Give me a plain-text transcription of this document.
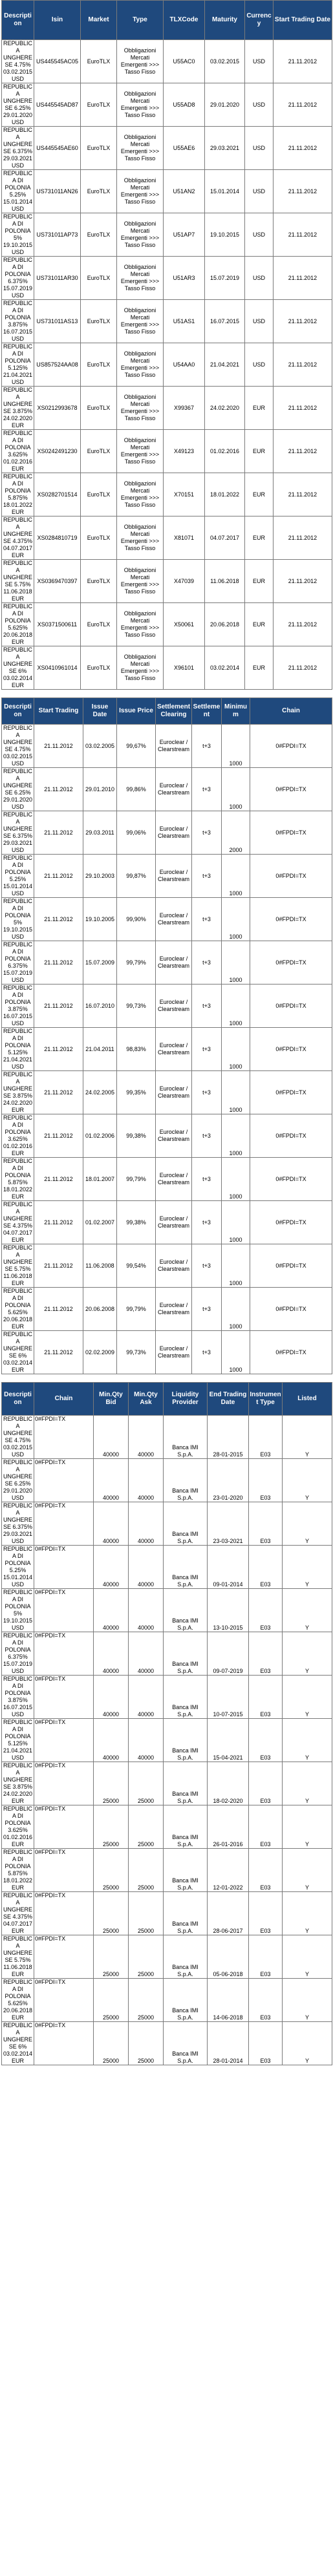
Description	Isin	Market	Type	TLXCode	Maturity	Currency	Start Trading Date
REPUBLIC A UNGHERESE 4.75% 03.02.2015 USD	US445545AC05	EuroTLX	Obbligazioni Mercati Emergenti >>> Tasso Fisso	U55AC0	03.02.2015	USD	21.11.2012
REPUBLIC A UNGHERESE 6.25% 29.01.2020 USD	US445545AD87	EuroTLX	Obbligazioni Mercati Emergenti >>> Tasso Fisso	U55AD8	29.01.2020	USD	21.11.2012
REPUBLIC A UNGHERESE 6.375% 29.03.2021 USD	US445545AE60	EuroTLX	Obbligazioni Mercati Emergenti >>> Tasso Fisso	U55AE6	29.03.2021	USD	21.11.2012
REPUBLIC A DI POLONIA 5.25% 15.01.2014 USD	US731011AN26	EuroTLX	Obbligazioni Mercati Emergenti >>> Tasso Fisso	U51AN2	15.01.2014	USD	21.11.2012
REPUBLIC A DI POLONIA 5% 19.10.2015 USD	US731011AP73	EuroTLX	Obbligazioni Mercati Emergenti >>> Tasso Fisso	U51AP7	19.10.2015	USD	21.11.2012
REPUBLIC A DI POLONIA 6.375% 15.07.2019 USD	US731011AR30	EuroTLX	Obbligazioni Mercati Emergenti >>> Tasso Fisso	U51AR3	15.07.2019	USD	21.11.2012
REPUBLIC A DI POLONIA 3.875% 16.07.2015 USD	US731011AS13	EuroTLX	Obbligazioni Mercati Emergenti >>> Tasso Fisso	U51AS1	16.07.2015	USD	21.11.2012
REPUBLIC A DI POLONIA 5.125% 21.04.2021 USD	US857524AA08	EuroTLX	Obbligazioni Mercati Emergenti >>> Tasso Fisso	U54AA0	21.04.2021	USD	21.11.2012
REPUBLIC A UNGHERESE 3.875% 24.02.2020 EUR	XS0212993678	EuroTLX	Obbligazioni Mercati Emergenti >>> Tasso Fisso	X99367	24.02.2020	EUR	21.11.2012
REPUBLIC A DI POLONIA 3.625% 01.02.2016 EUR	XS0242491230	EuroTLX	Obbligazioni Mercati Emergenti >>> Tasso Fisso	X49123	01.02.2016	EUR	21.11.2012
REPUBLIC A DI POLONIA 5.875% 18.01.2022 EUR	XS0282701514	EuroTLX	Obbligazioni Mercati Emergenti >>> Tasso Fisso	X70151	18.01.2022	EUR	21.11.2012
REPUBLIC A UNGHERESE 4.375% 04.07.2017 EUR	XS0284810719	EuroTLX	Obbligazioni Mercati Emergenti >>> Tasso Fisso	X81071	04.07.2017	EUR	21.11.2012
REPUBLIC A UNGHERESE 5.75% 11.06.2018 EUR	XS0369470397	EuroTLX	Obbligazioni Mercati Emergenti >>> Tasso Fisso	X47039	11.06.2018	EUR	21.11.2012
REPUBLIC A DI POLONIA 5.625% 20.06.2018 EUR	XS0371500611	EuroTLX	Obbligazioni Mercati Emergenti >>> Tasso Fisso	X50061	20.06.2018	EUR	21.11.2012
REPUBLIC A UNGHERESE 6% 03.02.2014 EUR	XS0410961014	EuroTLX	Obbligazioni Mercati Emergenti >>> Tasso Fisso	X96101	03.02.2014	EUR	21.11.2012
Description	Start Trading	Issue Date	Issue Price	Settlement Clearing	Settlement	Minimum	Chain
REPUBLIC A UNGHERESE 4.75% 03.02.2015 USD	21.11.2012	03.02.2005	99,67%	Euroclear / Clearstream	t+3	1000	0#FPDI=TX
REPUBLIC A UNGHERESE 6.25% 29.01.2020 USD	21.11.2012	29.01.2010	99,86%	Euroclear / Clearstream	t+3	1000	0#FPDI=TX
REPUBLIC A UNGHERESE 6.375% 29.03.2021 USD	21.11.2012	29.03.2011	99,06%	Euroclear / Clearstream	t+3	2000	0#FPDI=TX
REPUBLIC A DI POLONIA 5.25% 15.01.2014 USD	21.11.2012	29.10.2003	99,87%	Euroclear / Clearstream	t+3	1000	0#FPDI=TX
REPUBLIC A DI POLONIA 5% 19.10.2015 USD	21.11.2012	19.10.2005	99,90%	Euroclear / Clearstream	t+3	1000	0#FPDI=TX
REPUBLIC A DI POLONIA 6.375% 15.07.2019 USD	21.11.2012	15.07.2009	99,79%	Euroclear / Clearstream	t+3	1000	0#FPDI=TX
REPUBLIC A DI POLONIA 3.875% 16.07.2015 USD	21.11.2012	16.07.2010	99,73%	Euroclear / Clearstream	t+3	1000	0#FPDI=TX
REPUBLIC A DI POLONIA 5.125% 21.04.2021 USD	21.11.2012	21.04.2011	98,83%	Euroclear / Clearstream	t+3	1000	0#FPDI=TX
REPUBLIC A UNGHERESE 3.875% 24.02.2020 EUR	21.11.2012	24.02.2005	99,35%	Euroclear / Clearstream	t+3	1000	0#FPDI=TX
REPUBLIC A DI POLONIA 3.625% 01.02.2016 EUR	21.11.2012	01.02.2006	99,38%	Euroclear / Clearstream	t+3	1000	0#FPDI=TX
REPUBLIC A DI POLONIA 5.875% 18.01.2022 EUR	21.11.2012	18.01.2007	99,79%	Euroclear / Clearstream	t+3	1000	0#FPDI=TX
REPUBLIC A UNGHERESE 4.375% 04.07.2017 EUR	21.11.2012	01.02.2007	99,38%	Euroclear / Clearstream	t+3	1000	0#FPDI=TX
REPUBLIC A UNGHERESE 5.75% 11.06.2018 EUR	21.11.2012	11.06.2008	99,54%	Euroclear / Clearstream	t+3	1000	0#FPDI=TX
REPUBLIC A DI POLONIA 5.625% 20.06.2018 EUR	21.11.2012	20.06.2008	99,79%	Euroclear / Clearstream	t+3	1000	0#FPDI=TX
REPUBLIC A UNGHERESE 6% 03.02.2014 EUR	21.11.2012	02.02.2009	99,73%	Euroclear / Clearstream	t+3	1000	0#FPDI=TX
Description	Chain	Min.Qty Bid	Min.Qty Ask	Liquidity Provider	End Trading Date	Instrument Type	Listed
REPUBLIC A UNGHERESE 4.75% 03.02.2015 USD	0#FPDI=TX	40000	40000	Banca IMI S.p.A.	28-01-2015	E03	Y
REPUBLIC A UNGHERESE 6.25% 29.01.2020 USD	0#FPDI=TX	40000	40000	Banca IMI S.p.A.	23-01-2020	E03	Y
REPUBLIC A UNGHERESE 6.375% 29.03.2021 USD	0#FPDI=TX	40000	40000	Banca IMI S.p.A.	23-03-2021	E03	Y
REPUBLIC A DI POLONIA 5.25% 15.01.2014 USD	0#FPDI=TX	40000	40000	Banca IMI S.p.A.	09-01-2014	E03	Y
REPUBLIC A DI POLONIA 5% 19.10.2015 USD	0#FPDI=TX	40000	40000	Banca IMI S.p.A.	13-10-2015	E03	Y
REPUBLIC A DI POLONIA 6.375% 15.07.2019 USD	0#FPDI=TX	40000	40000	Banca IMI S.p.A.	09-07-2019	E03	Y
REPUBLIC A DI POLONIA 3.875% 16.07.2015 USD	0#FPDI=TX	40000	40000	Banca IMI S.p.A.	10-07-2015	E03	Y
REPUBLIC A DI POLONIA 5.125% 21.04.2021 USD	0#FPDI=TX	40000	40000	Banca IMI S.p.A.	15-04-2021	E03	Y
REPUBLIC A UNGHERESE 3.875% 24.02.2020 EUR	0#FPDI=TX	25000	25000	Banca IMI S.p.A.	18-02-2020	E03	Y
REPUBLIC A DI POLONIA 3.625% 01.02.2016 EUR	0#FPDI=TX	25000	25000	Banca IMI S.p.A.	26-01-2016	E03	Y
REPUBLIC A DI POLONIA 5.875% 18.01.2022 EUR	0#FPDI=TX	25000	25000	Banca IMI S.p.A.	12-01-2022	E03	Y
REPUBLIC A UNGHERESE 4.375% 04.07.2017 EUR	0#FPDI=TX	25000	25000	Banca IMI S.p.A.	28-06-2017	E03	Y
REPUBLIC A UNGHERESE 5.75% 11.06.2018 EUR	0#FPDI=TX	25000	25000	Banca IMI S.p.A.	05-06-2018	E03	Y
REPUBLIC A DI POLONIA 5.625% 20.06.2018 EUR	0#FPDI=TX	25000	25000	Banca IMI S.p.A.	14-06-2018	E03	Y
REPUBLIC A UNGHERESE 6% 03.02.2014 EUR	0#FPDI=TX	25000	25000	Banca IMI S.p.A.	28-01-2014	E03	Y
